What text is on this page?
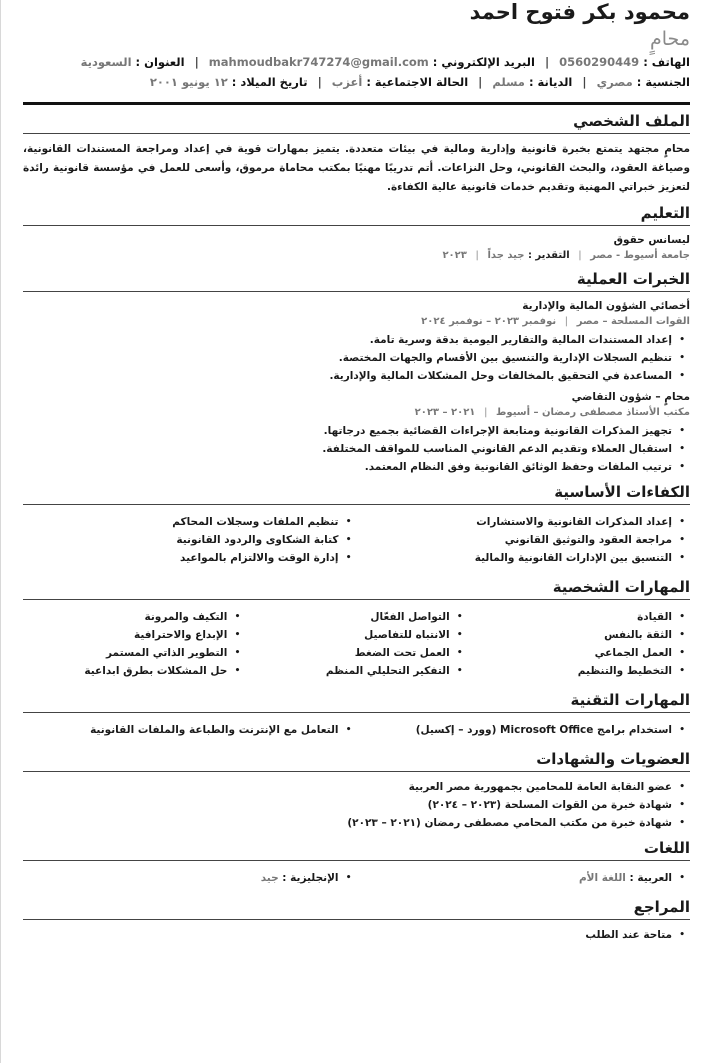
محمود بكر فتوح احمد
محامٍ
الهاتف : 0560290449 | البريد الإلكتروني : mahmoudbakr747274@gmail.com | العنوان : السعودية
الجنسية : مصري | الديانة : مسلم | الحالة الاجتماعية : أعزب | تاريخ الميلاد : ١٢ يونيو ٢٠٠١
الملف الشخصي
محامٍ مجتهد يتمتع بخبرة قانونية وإدارية ومالية في بيئات متعددة. يتميز بمهارات قوية في إعداد ومراجعة المستندات القانونية، وصياغة العقود، والبحث القانوني، وحل النزاعات. أتم تدريبًا مهنيًا بمكتب محاماة مرموق، وأسعى للعمل في مؤسسة قانونية رائدة لتعزيز خبراتي المهنية وتقديم خدمات قانونية عالية الكفاءة.
التعليم
ليسانس حقوق
جامعة أسيوط - مصر | التقدير : جيد جداً | ٢٠٢٣
الخبرات العملية
أخصائي الشؤون المالية والإدارية
القوات المسلحة – مصر | نوفمبر ٢٠٢٣ – نوفمبر ٢٠٢٤
• إعداد المستندات المالية والتقارير اليومية بدقة وسرية تامة.
• تنظيم السجلات الإدارية والتنسيق بين الأقسام والجهات المختصة.
• المساعدة في التحقيق بالمخالفات وحل المشكلات المالية والإدارية.
محامٍ – شؤون التقاضي
مكتب الأستاذ مصطفى رمضان – أسيوط | ٢٠٢١ – ٢٠٢٣
• تجهيز المذكرات القانونية ومتابعة الإجراءات القضائية بجميع درجاتها.
• استقبال العملاء وتقديم الدعم القانوني المناسب للمواقف المختلفة.
• ترتيب الملفات وحفظ الوثائق القانونية وفق النظام المعتمد.
الكفاءات الأساسية
• إعداد المذكرات القانونية والاستشارات
• مراجعة العقود والتوثيق القانوني
• التنسيق بين الإدارات القانونية والمالية
• تنظيم الملفات وسجلات المحاكم
• كتابة الشكاوى والردود القانونية
• إدارة الوقت والالتزام بالمواعيد
المهارات الشخصية
• القيادة
• الثقة بالنفس
• العمل الجماعي
• التخطيط والتنظيم
• التواصل الفعّال
• الانتباه للتفاصيل
• العمل تحت الضغط
• التفكير التحليلي المنظم
• التكيف والمرونة
• الإبداع والاحترافية
• التطوير الذاتي المستمر
• حل المشكلات بطرق ابداعية
المهارات التقنية
• استخدام برامج Microsoft Office (وورد – إكسيل)
• التعامل مع الإنترنت والطباعة والملفات القانونية
العضويات والشهادات
• عضو النقابة العامة للمحامين بجمهورية مصر العربية
• شهادة خبرة من القوات المسلحة (٢٠٢٣ – ٢٠٢٤)
• شهادة خبرة من مكتب المحامي مصطفى رمضان (٢٠٢١ – ٢٠٢٣)
اللغات
• العربية : اللغة الأم
• الإنجليزية : جيد
المراجع
• متاحة عند الطلب
